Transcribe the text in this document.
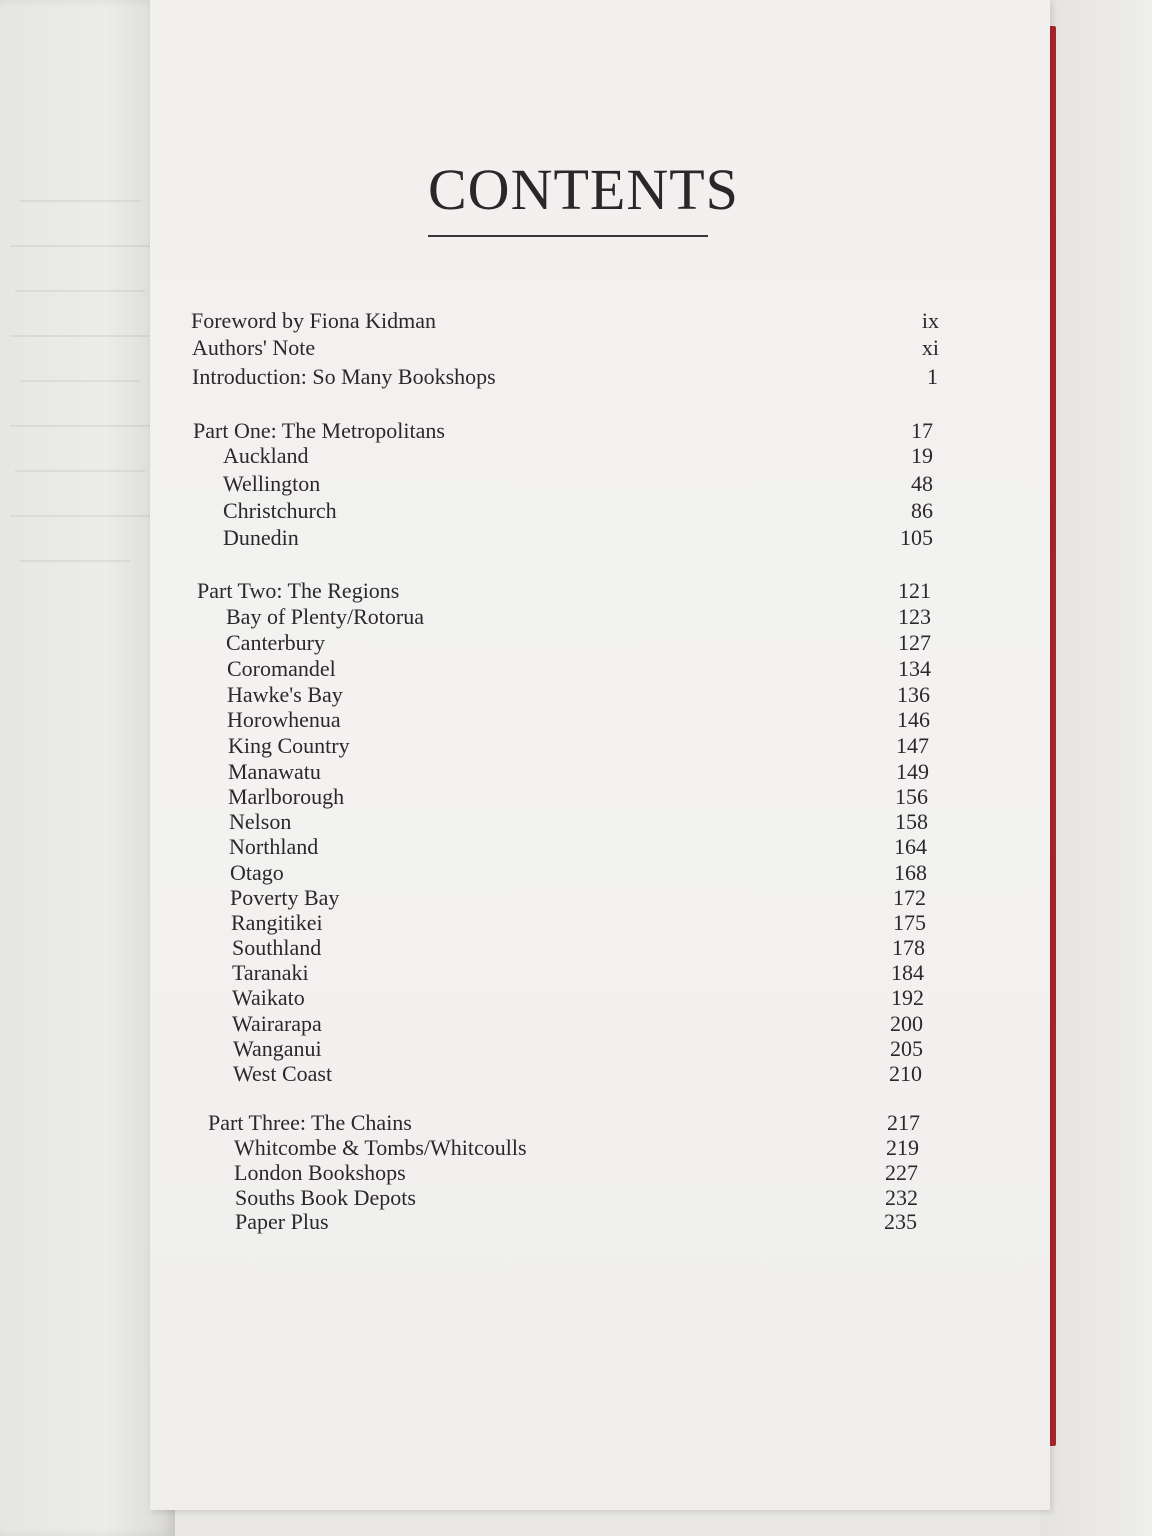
CONTENTS
Foreword by Fiona Kidman	ix
Authors' Note	xi
Introduction: So Many Bookshops	1
Part One: The Metropolitans	17
Auckland	19
Wellington	48
Christchurch	86
Dunedin	105
Part Two: The Regions	121
Bay of Plenty/Rotorua	123
Canterbury	127
Coromandel	134
Hawke's Bay	136
Horowhenua	146
King Country	147
Manawatu	149
Marlborough	156
Nelson	158
Northland	164
Otago	168
Poverty Bay	172
Rangitikei	175
Southland	178
Taranaki	184
Waikato	192
Wairarapa	200
Wanganui	205
West Coast	210
Part Three: The Chains	217
Whitcombe & Tombs/Whitcoulls	219
London Bookshops	227
Souths Book Depots	232
Paper Plus	235
